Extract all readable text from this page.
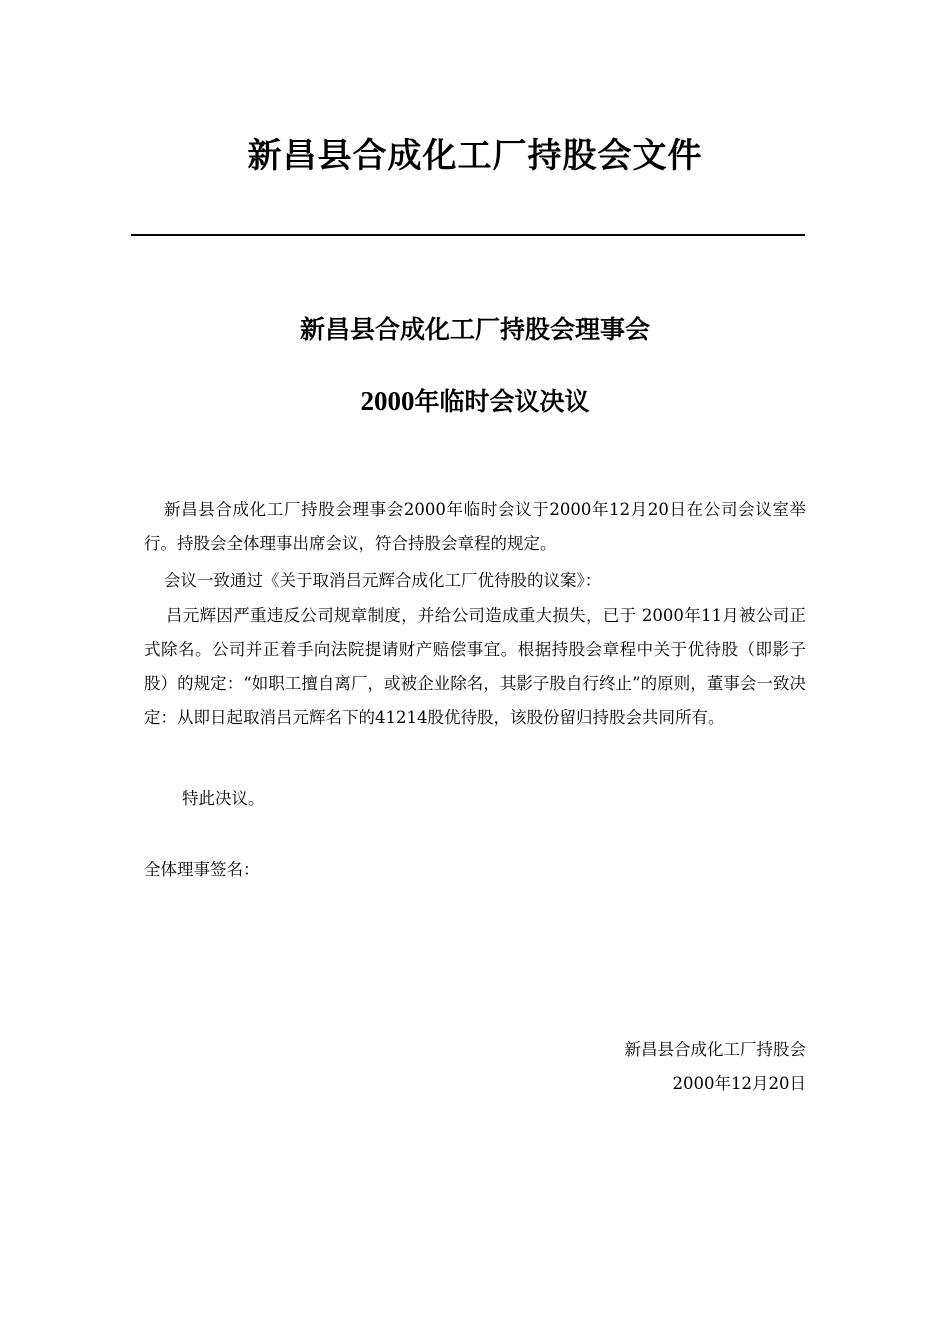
新昌县合成化工厂持股会文件
新昌县合成化工厂持股会理事会
2000年临时会议决议
新昌县合成化工厂持股会理事会2000年临时会议于2000年12月20日在公司会议室举行。持股会全体理事出席会议，符合持股会章程的规定。
会议一致通过《关于取消吕元辉合成化工厂优待股的议案》：
吕元辉因严重违反公司规章制度，并给公司造成重大损失，已于 2000年11月被公司正式除名。公司并正着手向法院提请财产赔偿事宜。根据持股会章程中关于优待股（即影子股）的规定：“如职工擅自离厂，或被企业除名，其影子股自行终止”的原则，董事会一致决定：从即日起取消吕元辉名下的41214股优待股，该股份留归持股会共同所有。
特此决议。
全体理事签名：
新昌县合成化工厂持股会
2000年12月20日
